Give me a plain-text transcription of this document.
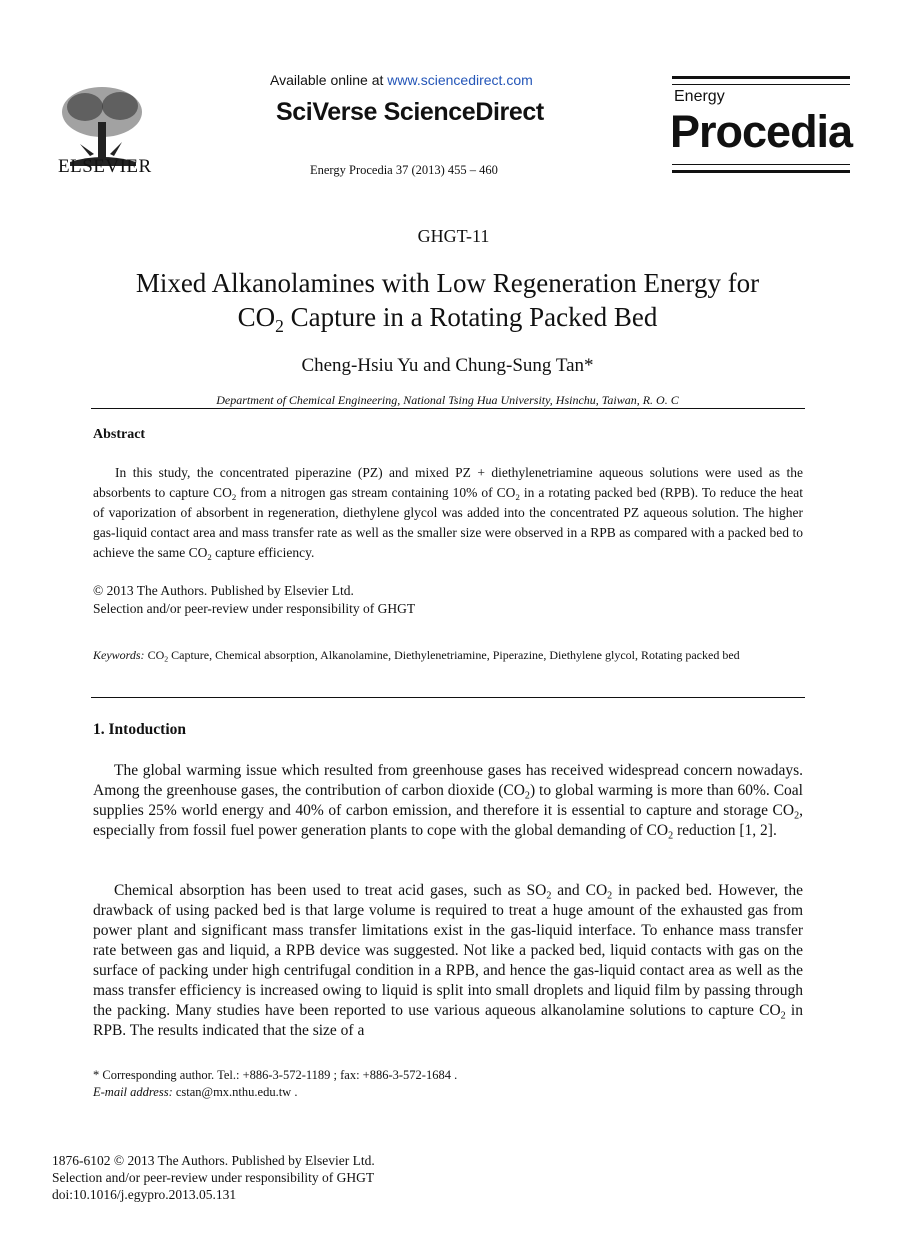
ELSEVIER
Available online at www.sciencedirect.com
SciVerse ScienceDirect
Energy Procedia 37 (2013) 455 – 460
Energy
Procedia
GHGT-11
Mixed Alkanolamines with Low Regeneration Energy for
$CO_2$ Capture in a Rotating Packed Bed
Cheng-Hsiu Yu and Chung-Sung Tan*
Department of Chemical Engineering, National Tsing Hua University, Hsinchu, Taiwan, R. O. C
Abstract
In this study, the concentrated piperazine (PZ) and mixed PZ + diethylenetriamine aqueous solutions were used as the absorbents to capture $CO_2$ from a nitrogen gas stream containing 10% of $CO_2$ in a rotating packed bed (RPB). To reduce the heat of vaporization of absorbent in regeneration, diethylene glycol was added into the concentrated PZ aqueous solution. The higher gas-liquid contact area and mass transfer rate as well as the smaller size were observed in a RPB as compared with a packed bed to achieve the same $CO_2$ capture efficiency.
© 2013 The Authors. Published by Elsevier Ltd.
Selection and/or peer-review under responsibility of GHGT
Keywords: $CO_2$ Capture, Chemical absorption, Alkanolamine, Diethylenetriamine, Piperazine, Diethylene glycol, Rotating packed bed
1. Intoduction
The global warming issue which resulted from greenhouse gases has received widespread concern nowadays. Among the greenhouse gases, the contribution of carbon dioxide $(CO_2)$ to global warming is more than 60%. Coal supplies 25% world energy and 40% of carbon emission, and therefore it is essential to capture and storage $CO_2$, especially from fossil fuel power generation plants to cope with the global demanding of $CO_2$ reduction [1, 2].
Chemical absorption has been used to treat acid gases, such as $SO_2$ and $CO_2$ in packed bed. However, the drawback of using packed bed is that large volume is required to treat a huge amount of the exhausted gas from power plant and significant mass transfer limitations exist in the gas-liquid interface. To enhance mass transfer rate between gas and liquid, a RPB device was suggested. Not like a packed bed, liquid contacts with gas on the surface of packing under high centrifugal condition in a RPB, and hence the gas-liquid contact area as well as the mass transfer efficiency is increased owing to liquid is split into small droplets and liquid film by passing through the packing. Many studies have been reported to use various aqueous alkanolamine solutions to capture $CO_2$ in RPB. The results indicated that the size of a
* Corresponding author. Tel.: +886-3-572-1189 ; fax: +886-3-572-1684 .
E-mail address: cstan@mx.nthu.edu.tw .
1876-6102 © 2013 The Authors. Published by Elsevier Ltd.
Selection and/or peer-review under responsibility of GHGT
doi:10.1016/j.egypro.2013.05.131
